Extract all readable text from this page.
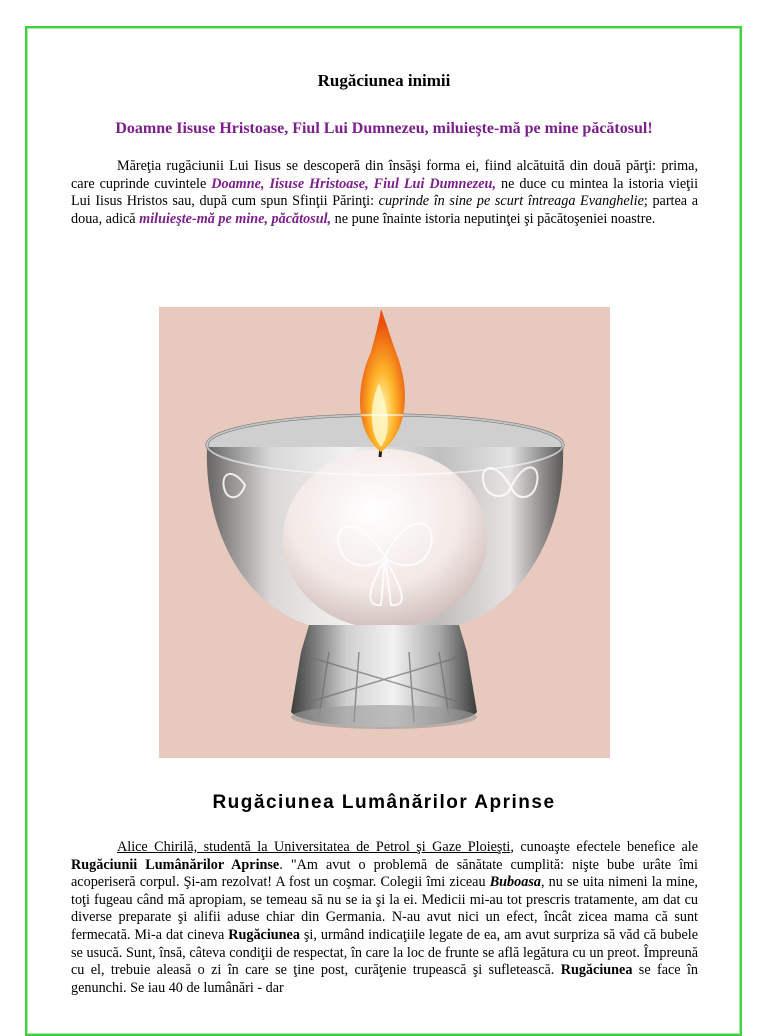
Rugăciunea inimii
Doamne Iisuse Hristoase, Fiul Lui Dumnezeu, miluieşte-mă pe mine păcătosul!

Măreţia rugăciunii Lui Iisus se descoperă din însăşi forma ei, fiind alcătuită din două părţi: prima, care cuprinde cuvintele Doamne, Iisuse Hristoase, Fiul Lui Dumnezeu, ne duce cu mintea la istoria vieţii Lui Iisus Hristos sau, după cum spun Sfinţii Părinţi: cuprinde în sine pe scurt întreaga Evanghelie; partea a doua, adică miluieşte-mă pe mine, păcătosul, ne pune înainte istoria neputinţei şi păcătoşeniei noastre.

Rugăciunea Lumânărilor Aprinse

Alice Chirilă, studentă la Universitatea de Petrol şi Gaze Ploieşti, cunoaşte efectele benefice ale Rugăciunii Lumânărilor Aprinse. "Am avut o problemă de sănătate cumplită: nişte bube urâte îmi acoperiseră corpul. Şi-am rezolvat! A fost un coşmar. Colegii îmi ziceau Buboasa, nu se uita nimeni la mine, toţi fugeau când mă apropiam, se temeau să nu se ia şi la ei. Medicii mi-au tot prescris tratamente, am dat cu diverse preparate şi alifii aduse chiar din Germania. N-au avut nici un efect, încât zicea mama că sunt fermecată. Mi-a dat cineva Rugăciunea şi, urmând indicaţiile legate de ea, am avut surpriza să văd că bubele se usucă. Sunt, însă, câteva condiţii de respectat, în care la loc de frunte se află legătura cu un preot. Împreună cu el, trebuie aleasă o zi în care se ţine post, curăţenie trupească şi sufletească. Rugăciunea se face în genunchi. Se iau 40 de lumânări - dar
